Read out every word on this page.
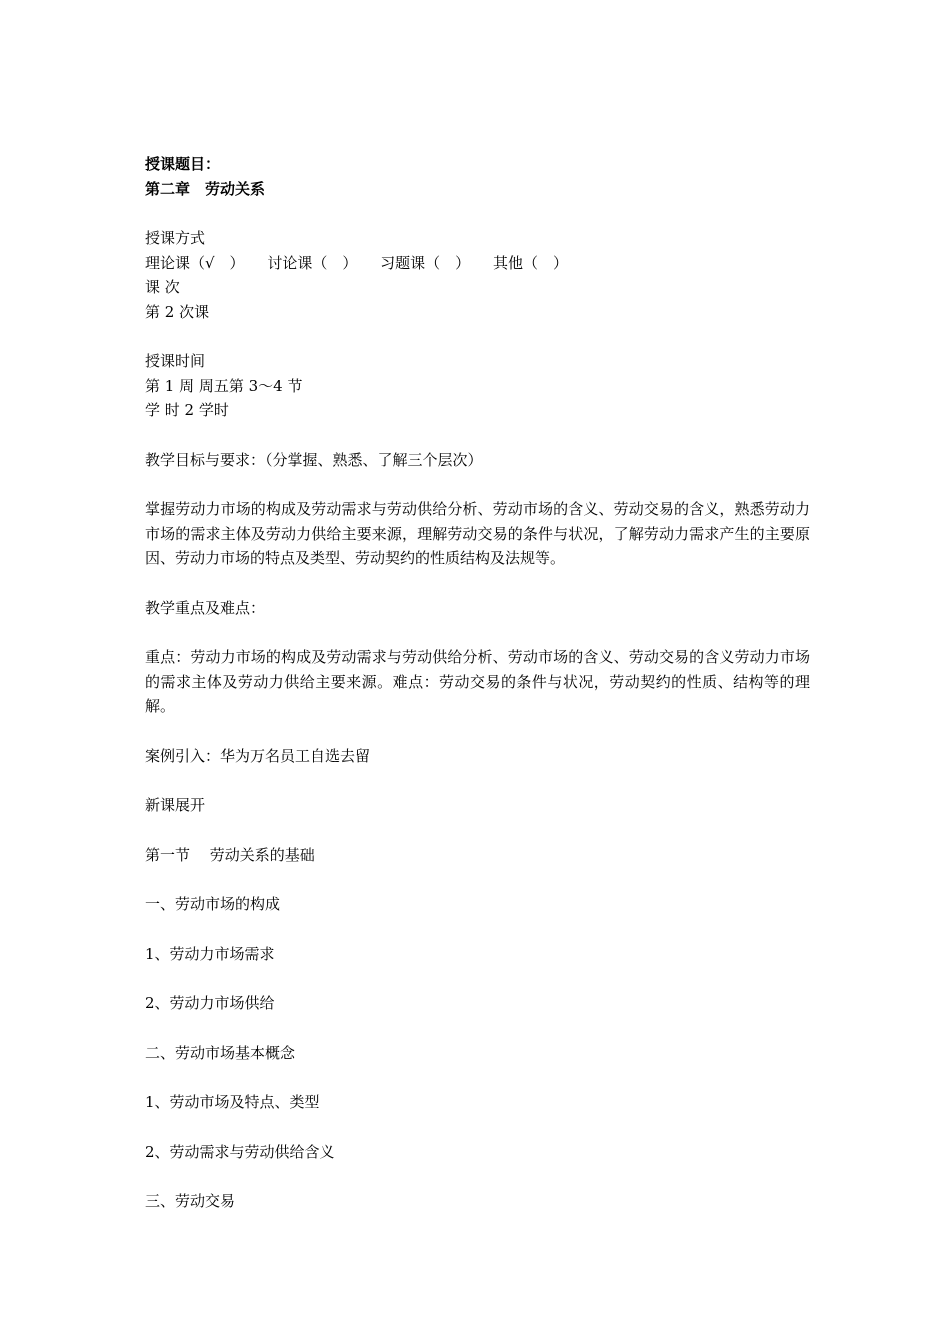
授课题目：
第二章　劳动关系
授课方式
理论课（√　） 讨论课（　） 习题课（　） 其他（　）
课 次
第 2 次课
授课时间
第 1 周 周五第 3～4 节
学 时 2 学时
教学目标与要求：（分掌握、熟悉、了解三个层次）
掌握劳动力市场的构成及劳动需求与劳动供给分析、劳动市场的含义、劳动交易的含义，熟悉劳动力市场的需求主体及劳动力供给主要来源，理解劳动交易的条件与状况，了解劳动力需求产生的主要原因、劳动力市场的特点及类型、劳动契约的性质结构及法规等。
教学重点及难点：
重点：劳动力市场的构成及劳动需求与劳动供给分析、劳动市场的含义、劳动交易的含义劳动力市场的需求主体及劳动力供给主要来源。难点：劳动交易的条件与状况，劳动契约的性质、结构等的理解。
案例引入：华为万名员工自选去留
新课展开
第一节　 劳动关系的基础
一、劳动市场的构成
1、劳动力市场需求
2、劳动力市场供给
二、劳动市场基本概念
1、劳动市场及特点、类型
2、劳动需求与劳动供给含义
三、劳动交易
